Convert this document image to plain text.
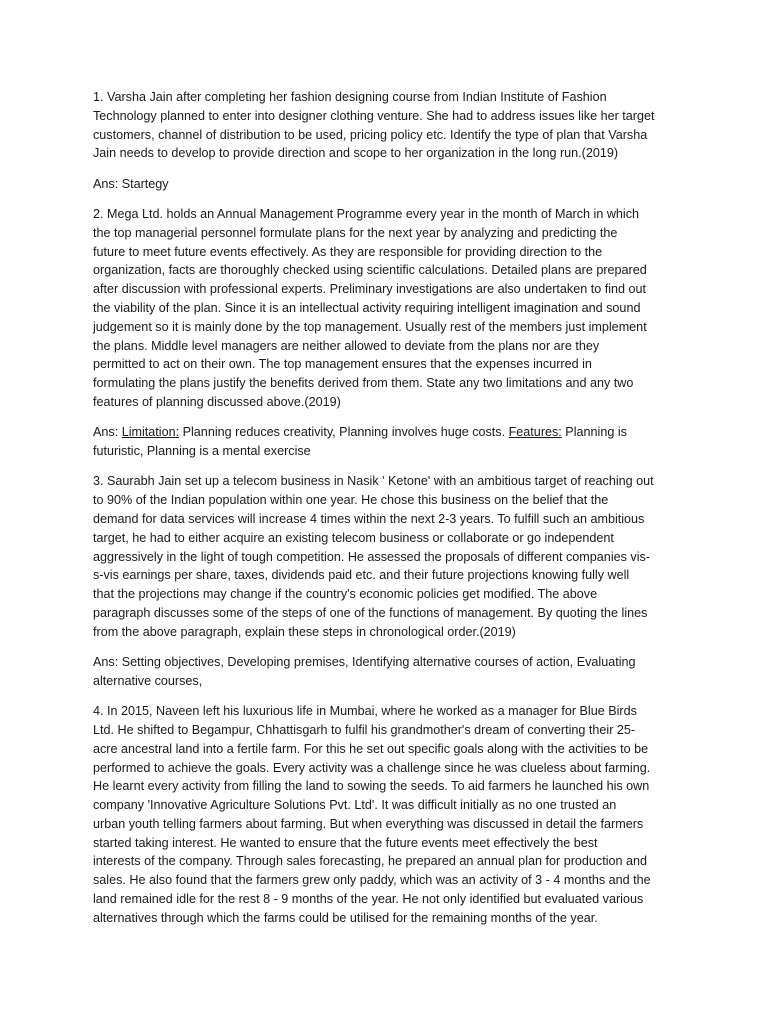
1. Varsha Jain after completing her fashion designing course from Indian Institute of Fashion
Technology planned to enter into designer clothing venture. She had to address issues like her target
customers, channel of distribution to be used, pricing policy etc. Identify the type of plan that Varsha
Jain needs to develop to provide direction and scope to her organization in the long run.(2019)
Ans: Startegy
2. Mega Ltd. holds an Annual Management Programme every year in the month of March in which
the top managerial personnel formulate plans for the next year by analyzing and predicting the
future to meet future events effectively. As they are responsible for providing direction to the
organization, facts are thoroughly checked using scientific calculations. Detailed plans are prepared
after discussion with professional experts. Preliminary investigations are also undertaken to find out
the viability of the plan. Since it is an intellectual activity requiring intelligent imagination and sound
judgement so it is mainly done by the top management. Usually rest of the members just implement
the plans. Middle level managers are neither allowed to deviate from the plans nor are they
permitted to act on their own. The top management ensures that the expenses incurred in
formulating the plans justify the benefits derived from them. State any two limitations and any two
features of planning discussed above.(2019)
Ans: Limitation: Planning reduces creativity, Planning involves huge costs. Features: Planning is
futuristic, Planning is a mental exercise
3. Saurabh Jain set up a telecom business in Nasik ' Ketone' with an ambitious target of reaching out
to 90% of the Indian population within one year. He chose this business on the belief that the
demand for data services will increase 4 times within the next 2-3 years. To fulfill such an ambitious
target, he had to either acquire an existing telecom business or collaborate or go independent
aggressively in the light of tough competition. He assessed the proposals of different companies vis-
s-vis earnings per share, taxes, dividends paid etc. and their future projections knowing fully well
that the projections may change if the country's economic policies get modified. The above
paragraph discusses some of the steps of one of the functions of management. By quoting the lines
from the above paragraph, explain these steps in chronological order.(2019)
Ans: Setting objectives, Developing premises, Identifying alternative courses of action, Evaluating
alternative courses,
4. In 2015, Naveen left his luxurious life in Mumbai, where he worked as a manager for Blue Birds
Ltd. He shifted to Begampur, Chhattisgarh to fulfil his grandmother's dream of converting their 25-
acre ancestral land into a fertile farm. For this he set out specific goals along with the activities to be
performed to achieve the goals. Every activity was a challenge since he was clueless about farming.
He learnt every activity from filling the land to sowing the seeds. To aid farmers he launched his own
company 'Innovative Agriculture Solutions Pvt. Ltd'. It was difficult initially as no one trusted an
urban youth telling farmers about farming. But when everything was discussed in detail the farmers
started taking interest. He wanted to ensure that the future events meet effectively the best
interests of the company. Through sales forecasting, he prepared an annual plan for production and
sales. He also found that the farmers grew only paddy, which was an activity of 3 - 4 months and the
land remained idle for the rest 8 - 9 months of the year. He not only identified but evaluated various
alternatives through which the farms could be utilised for the remaining months of the year.
